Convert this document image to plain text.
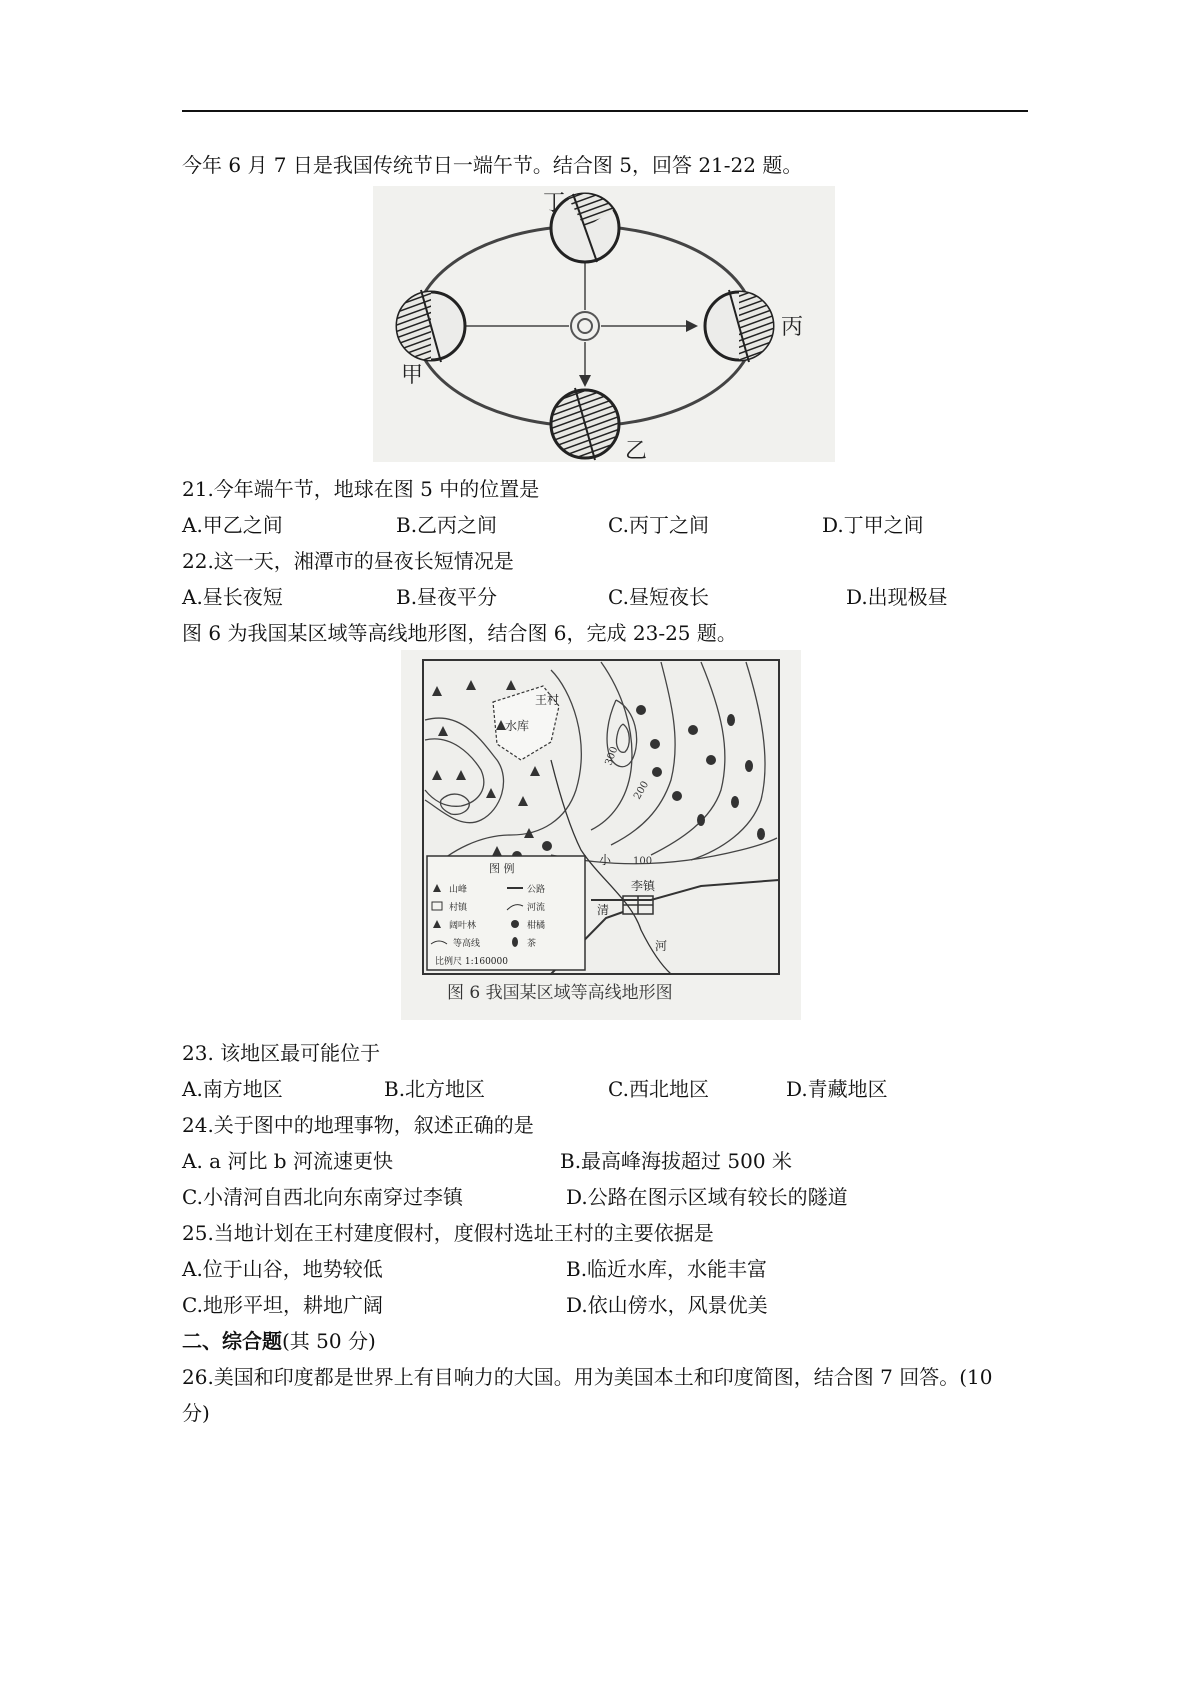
今年 6 月 7 日是我国传统节日一端午节。结合图 5，回答 21-22 题。
丁
丙
甲
乙
21.今年端午节，地球在图 5 中的位置是
A.甲乙之间	B.乙丙之间	C.丙丁之间	D.丁甲之间
22.这一天，湘潭市的昼夜长短情况是
A.昼长夜短	B.昼夜平分	C.昼短夜长	D.出现极昼
图 6 为我国某区域等高线地形图，结合图 6，完成 23-25 题。
300
200
100
王村
水库
李镇
小
清
河
图 例
山峰	公路
村镇	河流
阔叶林	柑橘
等高线	茶
比例尺 1:160000
图 6 我国某区域等高线地形图
23. 该地区最可能位于
A.南方地区	B.北方地区	C.西北地区	D.青藏地区
24.关于图中的地理事物，叙述正确的是
A. a 河比 b 河流速更快	B.最高峰海拔超过 500 米
C.小清河自西北向东南穿过李镇	D.公路在图示区域有较长的隧道
25.当地计划在王村建度假村，度假村选址王村的主要依据是
A.位于山谷，地势较低	B.临近水库，水能丰富
C.地形平坦，耕地广阔	D.依山傍水，风景优美
二、综合题(其 50 分)
26.美国和印度都是世界上有目响力的大国。用为美国本土和印度简图，结合图 7 回答。(10
分)
